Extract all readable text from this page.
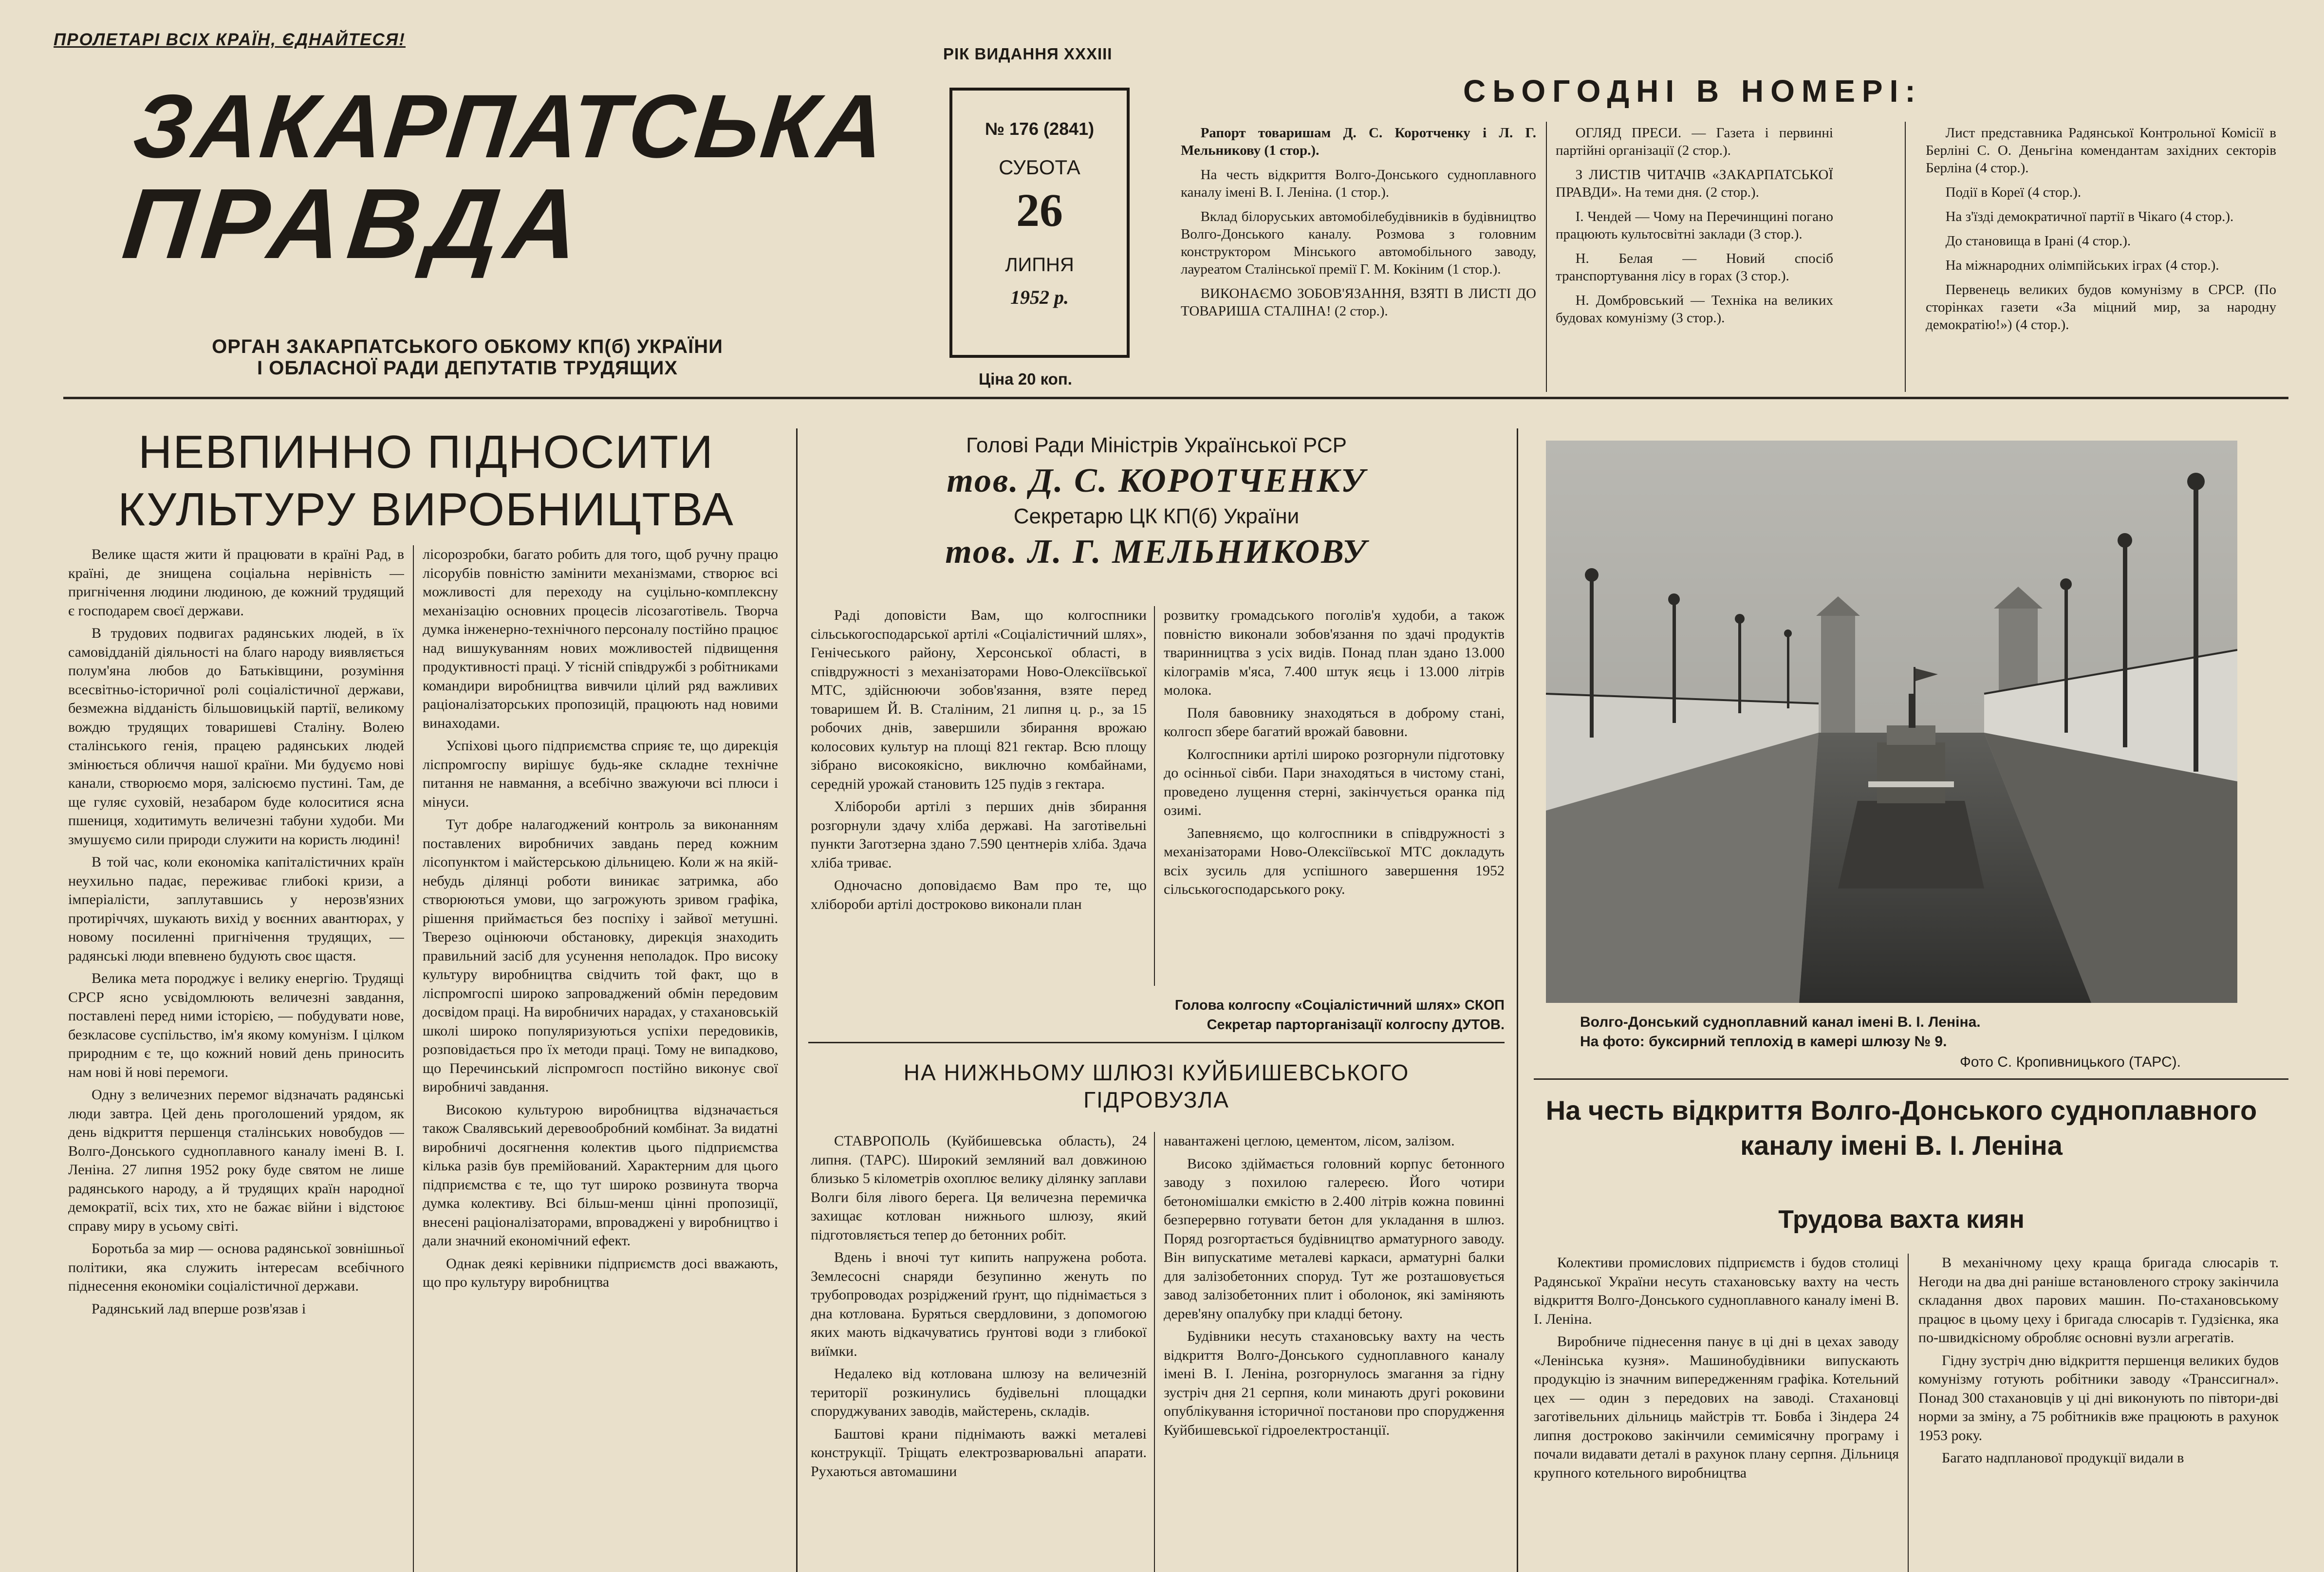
ПРОЛЕТАРІ ВСІХ КРАЇН, ЄДНАЙТЕСЯ!
ЗАКАРПАТСЬКА
ПРАВДА
ОРГАН ЗАКАРПАТСЬКОГО ОБКОМУ КП(б) УКРАЇНИ
І ОБЛАСНОЇ РАДИ ДЕПУТАТІВ ТРУДЯЩИХ
РІК ВИДАННЯ XXXIII
№ 176 (2841)
СУБОТА
26
ЛИПНЯ
1952 р.
Ціна 20 коп.
СЬОГОДНІ В НОМЕРІ:

Рапорт товаришам Д. С. Коротченку і Л. Г. Мельникову (1 стор.).

На честь відкриття Волго-Донського судноплавного каналу імені В. І. Леніна. (1 стор.).

Вклад білоруських автомобілебудівників в будівництво Волго-Донського каналу. Розмова з головним конструктором Мінського автомобільного заводу, лауреатом Сталінської премії Г. М. Кокіним (1 стор.).

ВИКОНАЄМО ЗОБОВ'ЯЗАННЯ, ВЗЯТІ В ЛИСТІ ДО ТОВАРИША СТАЛІНА! (2 стор.).

ОГЛЯД ПРЕСИ. — Газета і первинні партійні організації (2 стор.).

З ЛИСТІВ ЧИТАЧІВ «ЗАКАРПАТСЬКОЇ ПРАВДИ». На теми дня. (2 стор.).

І. Чендей — Чому на Перечинщині погано працюють культосвітні заклади (3 стор.).

Н. Белая — Новий спосіб транспортування лісу в горах (3 стор.).

Н. Домбровський — Техніка на великих будовах комунізму (3 стор.).

Лист представника Радянської Контрольної Комісії в Берліні С. О. Деньгіна комендантам західних секторів Берліна (4 стор.).

Події в Кореї (4 стор.).

На з'їзді демократичної партії в Чікаго (4 стор.).

До становища в Ірані (4 стор.).

На міжнародних олімпійських іграх (4 стор.).

Первенець великих будов комунізму в СРСР. (По сторінках газети «За міцний мир, за народну демократію!») (4 стор.).

НЕВПИННО ПІДНОСИТИ
КУЛЬТУРУ ВИРОБНИЦТВА

Велике щастя жити й працювати в країні Рад, в країні, де знищена соціальна нерівність — пригнічення людини людиною, де кожний трудящий є господарем своєї держави.

В трудових подвигах радянських людей, в їх самовідданій діяльності на благо народу виявляється полум'яна любов до Батьківщини, розуміння всесвітньо-історичної ролі соціалістичної держави, безмежна відданість більшовицькій партії, великому вождю трудящих товаришеві Сталіну. Волею сталінського генія, працею радянських людей змінюється обличчя нашої країни. Ми будуємо нові канали, створюємо моря, залісюємо пустині. Там, де ще гуляє суховій, незабаром буде колоситися ясна пшениця, ходитимуть величезні табуни худоби. Ми змушуємо сили природи служити на користь людині!

В той час, коли економіка капіталістичних країн неухильно падає, переживає глибокі кризи, а імперіалісти, заплутавшись у нерозв'язних протиріччях, шукають вихід у воєнних авантюрах, у новому посиленні пригнічення трудящих, — радянські люди впевнено будують своє щастя.

Велика мета породжує і велику енергію. Трудящі СРСР ясно усвідомлюють величезні завдання, поставлені перед ними історією, — побудувати нове, безкласове суспільство, ім'я якому комунізм. І цілком природним є те, що кожний новий день приносить нам нові й нові перемоги.

Одну з величезних перемог відзначать радянські люди завтра. Цей день проголошений урядом, як день відкриття першенця сталінських новобудов — Волго-Донського судноплавного каналу імені В. І. Леніна. 27 липня 1952 року буде святом не лише радянського народу, а й трудящих країн народної демократії, всіх тих, хто не бажає війни і відстоює справу миру в усьому світі.

Боротьба за мир — основа радянської зовнішньої політики, яка служить інтересам всебічного піднесення економіки соціалістичної держави.

Радянський лад вперше розв'язав і

лісорозробки, багато робить для того, щоб ручну працю лісорубів повністю замінити механізмами, створює всі можливості для переходу на суцільно-комплексну механізацію основних процесів лісозаготівель. Творча думка інженерно-технічного персоналу постійно працює над вишукуванням нових можливостей підвищення продуктивності праці. У тісній співдружбі з робітниками командири виробництва вивчили цілий ряд важливих раціоналізаторських пропозицій, працюють над новими винаходами.

Успіхові цього підприємства сприяє те, що дирекція ліспромгоспу вирішує будь-яке складне технічне питання не навмання, а всебічно зважуючи всі плюси і мінуси.

Тут добре налагоджений контроль за виконанням поставлених виробничих завдань перед кожним лісопунктом і майстерською дільницею. Коли ж на якій-небудь ділянці роботи виникає затримка, або створюються умови, що загрожують зривом графіка, рішення приймається без поспіху і зайвої метушні. Тверезо оцінюючи обстановку, дирекція знаходить правильний засіб для усунення неполадок. Про високу культуру виробництва свідчить той факт, що в ліспромгоспі широко запроваджений обмін передовим досвідом праці. На виробничих нарадах, у стахановській школі широко популяризуються успіхи передовиків, розповідається про їх методи праці. Тому не випадково, що Перечинський ліспромгосп постійно виконує свої виробничі завдання.

Високою культурою виробництва відзначається також Свалявський деревообробний комбінат. За видатні виробничі досягнення колектив цього підприємства кілька разів був премійований. Характерним для цього підприємства є те, що тут широко розвинута творча думка колективу. Всі більш-менш цінні пропозиції, внесені раціоналізаторами, впроваджені у виробництво і дали значний економічний ефект.

Однак деякі керівники підприємств досі вважають, що про культуру виробництва

Голові Ради Міністрів Української РСР
тов. Д. С. КОРОТЧЕНКУ
Секретарю ЦК КП(б) України
тов. Л. Г. МЕЛЬНИКОВУ

Раді доповісти Вам, що колгоспники сільськогосподарської артілі «Соціалістичний шлях», Генічеського району, Херсонської області, в співдружності з механізаторами Ново-Олексіївської МТС, здійснюючи зобов'язання, взяте перед товаришем Й. В. Сталіним, 21 липня ц. р., за 15 робочих днів, завершили збирання врожаю колосових культур на площі 821 гектар. Всю площу зібрано високоякісно, виключно комбайнами, середній урожай становить 125 пудів з гектара.

Хлібороби артілі з перших днів збирання розгорнули здачу хліба державі. На заготівельні пункти Заготзерна здано 7.590 центнерів хліба. Здача хліба триває.

Одночасно доповідаємо Вам про те, що хлібороби артілі достроково виконали план

розвитку громадського поголів'я худоби, а також повністю виконали зобов'язання по здачі продуктів тваринництва з усіх видів. Понад план здано 13.000 кілограмів м'яса, 7.400 штук яєць і 13.000 літрів молока.

Поля бавовнику знаходяться в доброму стані, колгосп збере багатий врожай бавовни.

Колгоспники артілі широко розгорнули підготовку до осінньої сівби. Пари знаходяться в чистому стані, проведено лущення стерні, закінчується оранка під озимі.

Запевняємо, що колгоспники в співдружності з механізаторами Ново-Олексіївської МТС докладуть всіх зусиль для успішного завершення 1952 сільськогосподарського року.

Голова колгоспу «Соціалістичний шлях» СКОП
Секретар парторганізації колгоспу ДУТОВ.
НА НИЖНЬОМУ ШЛЮЗІ КУЙБИШЕВСЬКОГО
ГІДРОВУЗЛА

СТАВРОПОЛЬ (Куйбишевська область), 24 липня. (ТАРС). Широкий земляний вал довжиною близько 5 кілометрів охоплює велику ділянку заплави Волги біля лівого берега. Ця величезна перемичка захищає котлован нижнього шлюзу, який підготовляється тепер до бетонних робіт.

Вдень і вночі тут кипить напружена робота. Землесосні снаряди безупинно женуть по трубопроводах розріджений ґрунт, що піднімається з дна котлована. Буряться свердловини, з допомогою яких мають відкачуватись ґрунтові води з глибокої виїмки.

Недалеко від котлована шлюзу на величезній території розкинулись будівельні площадки споруджуваних заводів, майстерень, складів.

Баштові крани піднімають важкі металеві конструкції. Тріщать електрозварювальні апарати. Рухаються автомашини

навантажені цеглою, цементом, лісом, залізом.

Високо здіймається головний корпус бетонного заводу з похилою галереєю. Його чотири бетономішалки ємкістю в 2.400 літрів кожна повинні безперервно готувати бетон для укладання в шлюз. Поряд розгортається будівництво арматурного заводу. Він випускатиме металеві каркаси, арматурні балки для залізобетонних споруд. Тут же розташовується завод залізобетонних плит і оболонок, які заміняють дерев'яну опалубку при кладці бетону.

Будівники несуть стахановську вахту на честь відкриття Волго-Донського судноплавного каналу імені В. І. Леніна, розгорнулось змагання за гідну зустріч дня 21 серпня, коли минають другі роковини опублікування історичної постанови про спорудження Куйбишевської гідроелектростанції.

Волго-Донський судноплавний канал імені В. І. Леніна.
На фото: буксирний теплохід в камері шлюзу № 9.
Фото С. Кропивницького (ТАРС).
На честь відкриття Волго-Донського судноплавного
каналу імені В. І. Леніна
Трудова вахта киян

Колективи промислових підприємств і будов столиці Радянської України несуть стахановську вахту на честь відкриття Волго-Донського судноплавного каналу імені В. І. Леніна.

Виробниче піднесення панує в ці дні в цехах заводу «Ленінська кузня». Машинобудівники випускають продукцію із значним випередженням графіка. Котельний цех — один з передових на заводі. Стахановці заготівельних дільниць майстрів тт. Бовба і Зіндера 24 липня достроково закінчили семимісячну програму і почали видавати деталі в рахунок плану серпня. Дільниця крупного котельного виробництва

В механічному цеху краща бригада слюсарів т. Негоди на два дні раніше встановленого строку закінчила складання двох парових машин. По-стахановському працює в цьому цеху і бригада слюсарів т. Гудзієнка, яка по-швидкісному обробляє основні вузли агрегатів.

Гідну зустріч дню відкриття першенця великих будов комунізму готують робітники заводу «Транссигнал». Понад 300 стахановців у ці дні виконують по півтори-дві норми за зміну, а 75 робітників вже працюють в рахунок 1953 року.

Багато надпланової продукції видали в
